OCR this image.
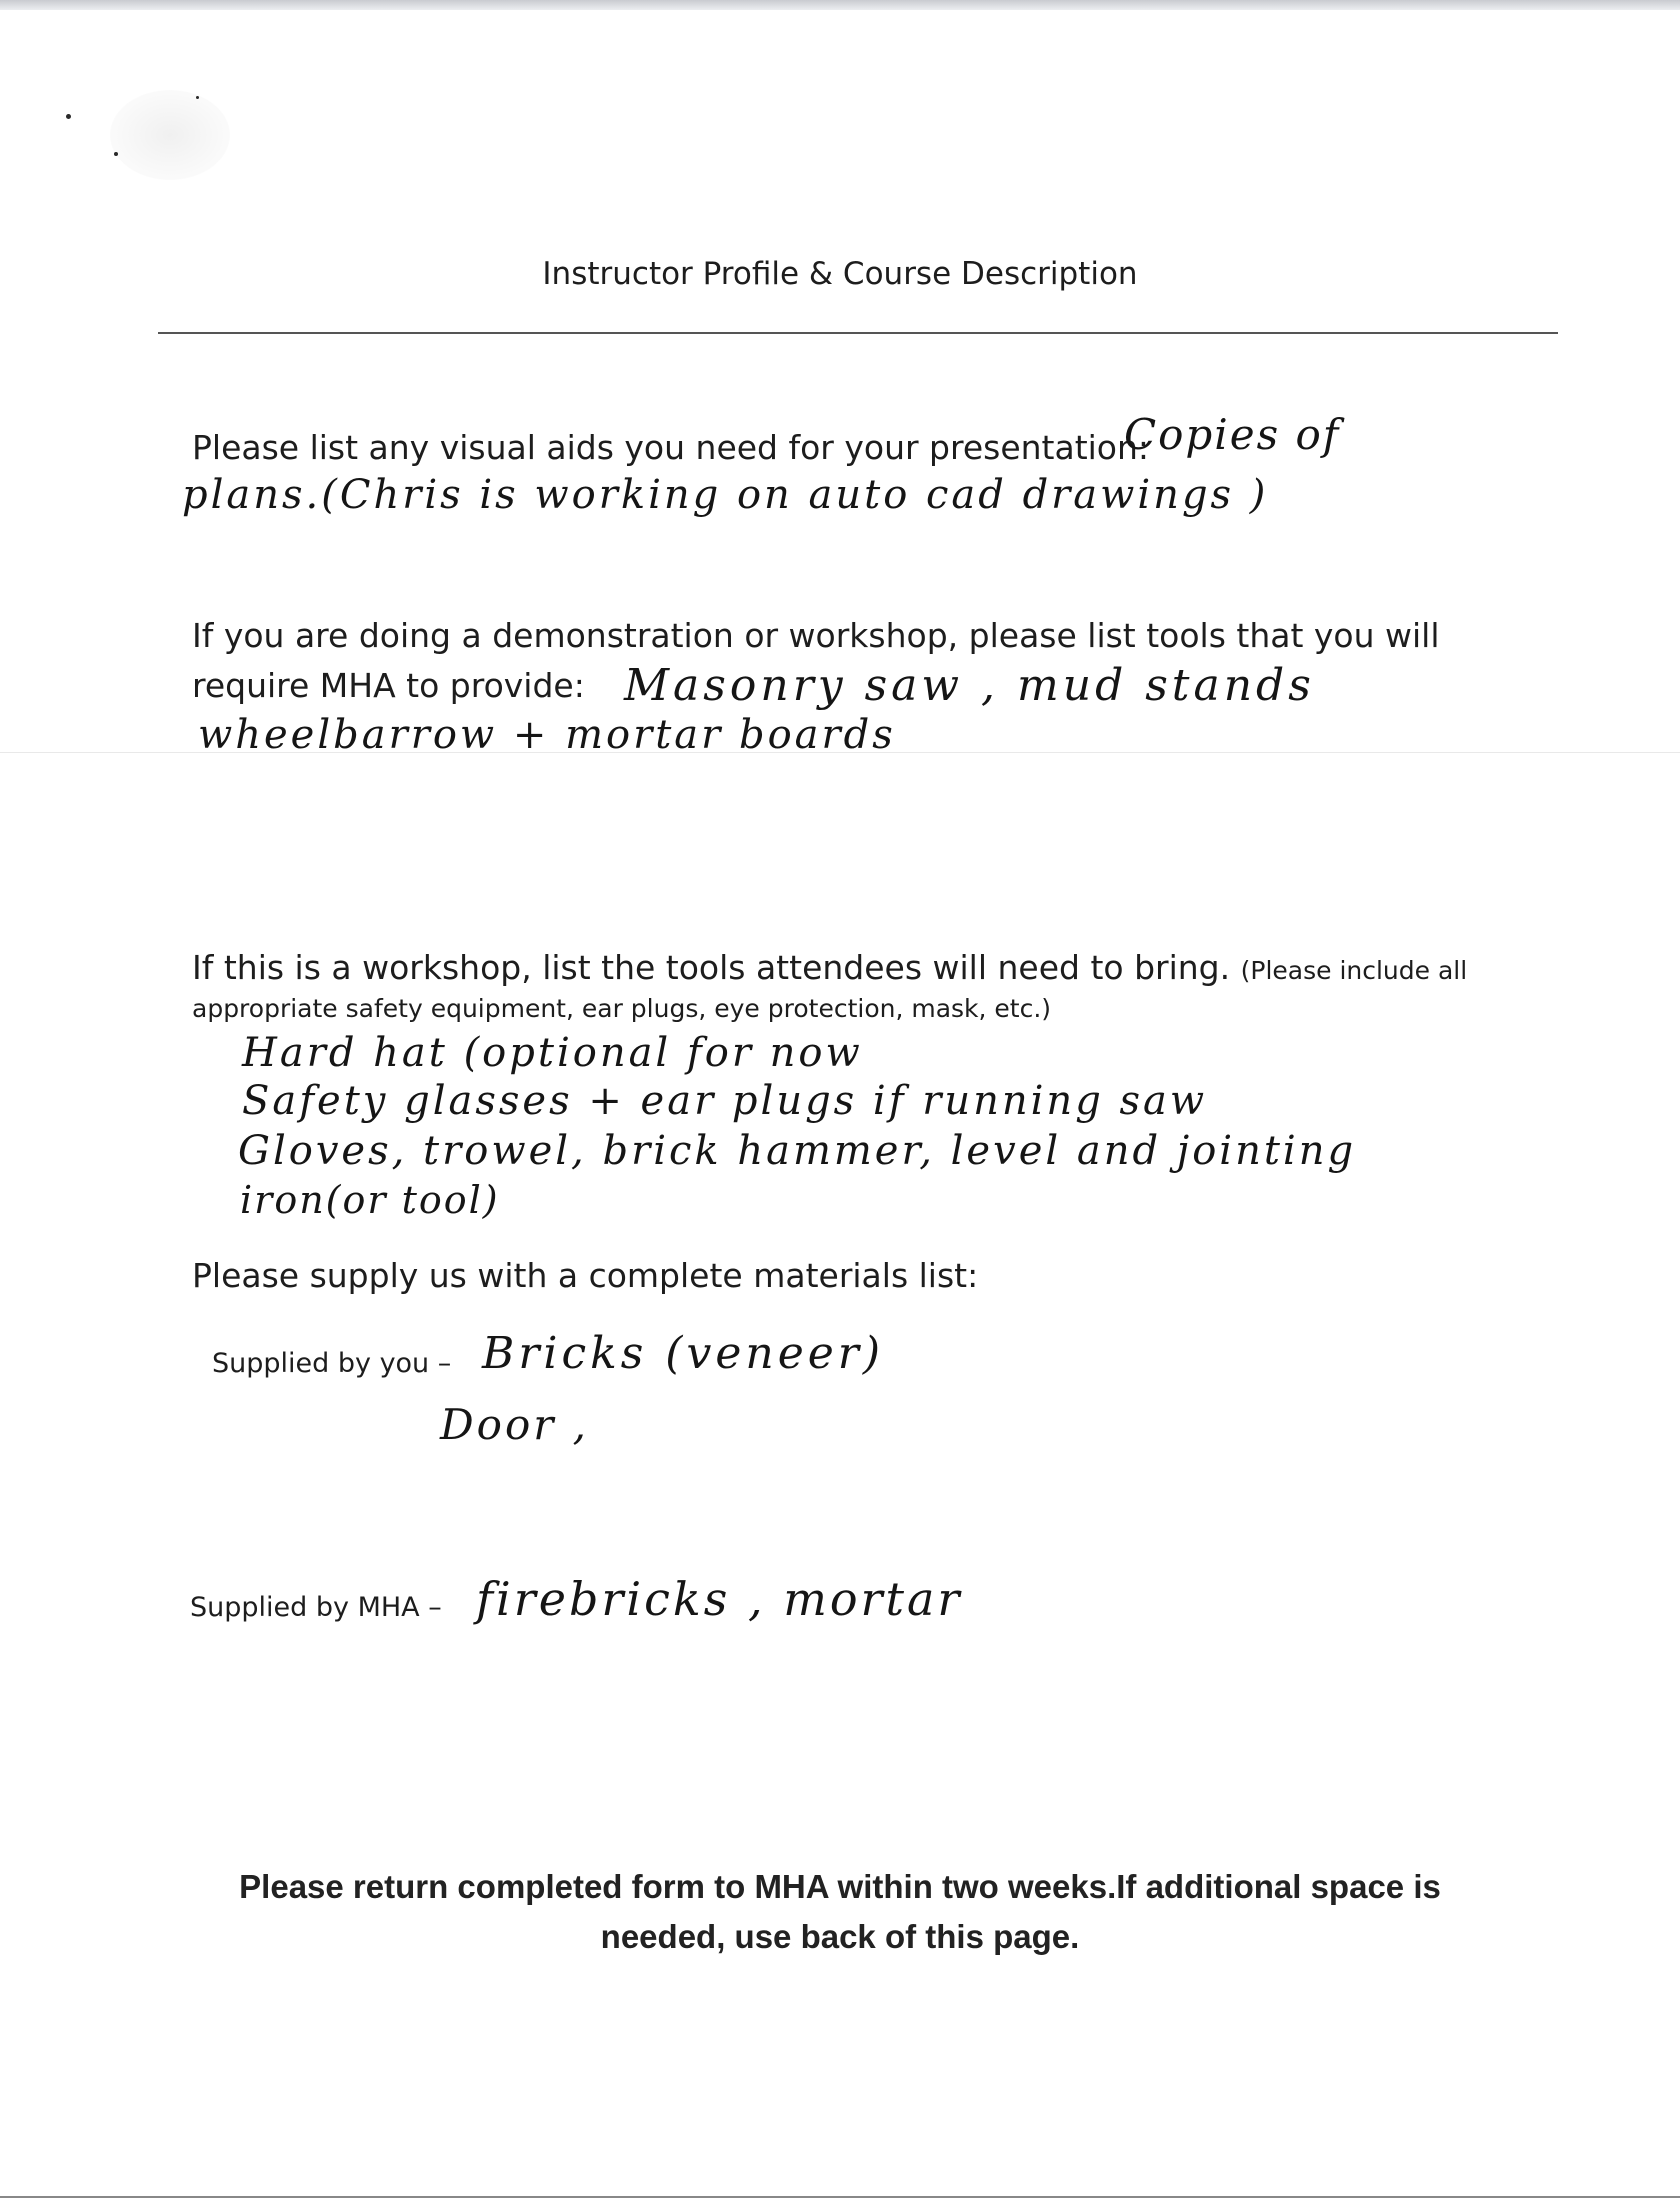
Instructor Profile & Course Description
Please list any visual aids you need for your presentation:
Copies of
plans.(Chris is working on auto cad drawings )
If you are doing a demonstration or workshop, please list tools that you will
require MHA to provide: Masonry saw , mud stands
wheelbarrow + mortar boards
If this is a workshop, list the tools attendees will need to bring. (Please include all
appropriate safety equipment, ear plugs, eye protection, mask, etc.)
Hard hat (optional for now
Safety glasses + ear plugs if running saw
Gloves, trowel, brick hammer, level and jointing
iron(or tool)
Please supply us with a complete materials list:
Supplied by you – Bricks (veneer)
Door ,
Supplied by MHA – firebricks , mortar
Please return completed form to MHA within two weeks.If additional space is
needed, use back of this page.
